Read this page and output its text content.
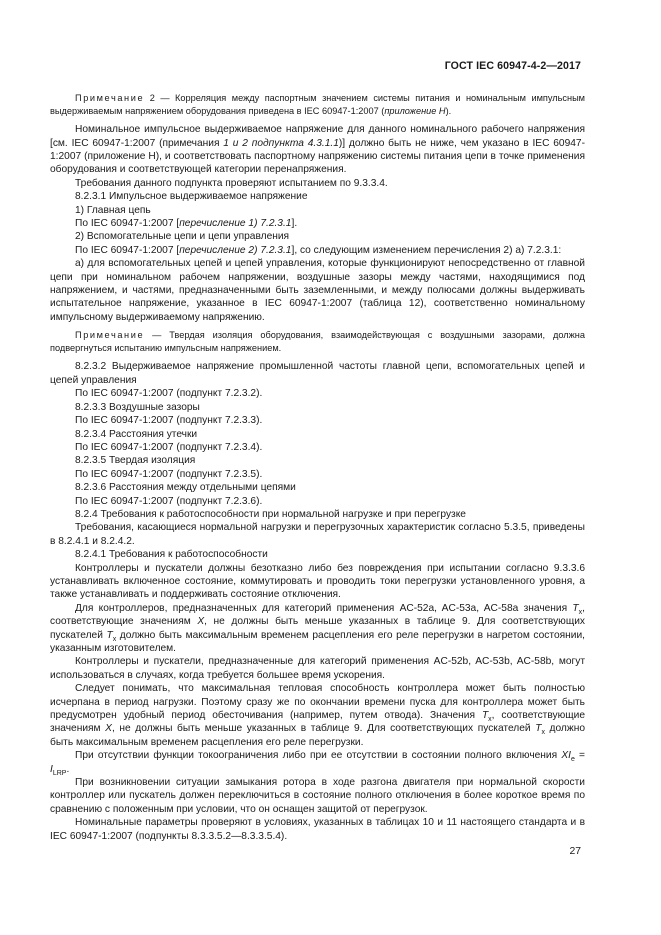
ГОСТ IEC 60947-4-2—2017

Примечание 2 — Корреляция между паспортным значением системы питания и номинальным импульсным выдерживаемым напряжением оборудования приведена в IEC 60947-1:2007 (приложение H).

Номинальное импульсное выдерживаемое напряжение для данного номинального рабочего напряжения [см. IEC 60947-1:2007 (примечания 1 и 2 подпункта 4.3.1.1)] должно быть не ниже, чем указано в IEC 60947-1:2007 (приложение H), и соответствовать паспортному напряжению системы питания цепи в точке применения оборудования и соответствующей категории перенапряжения.

Требования данного подпункта проверяют испытанием по 9.3.3.4.

8.2.3.1 Импульсное выдерживаемое напряжение

1) Главная цепь

По IEC 60947-1:2007 [перечисление 1) 7.2.3.1].

2) Вспомогательные цепи и цепи управления

По IEC 60947-1:2007 [перечисление 2) 7.2.3.1], со следующим изменением перечисления 2) а) 7.2.3.1:

а) для вспомогательных цепей и цепей управления, которые функционируют непосредственно от главной цепи при номинальном рабочем напряжении, воздушные зазоры между частями, находящимися под напряжением, и частями, предназначенными быть заземленными, и между полюсами должны выдерживать испытательное напряжение, указанное в IEC 60947-1:2007 (таблица 12), соответственно номинальному импульсному выдерживаемому напряжению.

Примечание — Твердая изоляция оборудования, взаимодействующая с воздушными зазорами, должна подвергнуться испытанию импульсным напряжением.

8.2.3.2 Выдерживаемое напряжение промышленной частоты главной цепи, вспомогательных цепей и цепей управления

По IEC 60947-1:2007 (подпункт 7.2.3.2).

8.2.3.3 Воздушные зазоры

По IEC 60947-1:2007 (подпункт 7.2.3.3).

8.2.3.4 Расстояния утечки

По IEC 60947-1:2007 (подпункт 7.2.3.4).

8.2.3.5 Твердая изоляция

По IEC 60947-1:2007 (подпункт 7.2.3.5).

8.2.3.6 Расстояния между отдельными цепями

По IEC 60947-1:2007 (подпункт 7.2.3.6).

8.2.4 Требования к работоспособности при нормальной нагрузке и при перегрузке

Требования, касающиеся нормальной нагрузки и перегрузочных характеристик согласно 5.3.5, приведены в 8.2.4.1 и 8.2.4.2.

8.2.4.1 Требования к работоспособности

Контроллеры и пускатели должны безотказно либо без повреждения при испытании согласно 9.3.3.6 устанавливать включенное состояние, коммутировать и проводить токи перегрузки установленного уровня, а также устанавливать и поддерживать состояние отключения.

Для контроллеров, предназначенных для категорий применения AC-52a, AC-53a, AC-58a значения $T_x$, соответствующие значениям X, не должны быть меньше указанных в таблице 9. Для соответствующих пускателей $T_x$ должно быть максимальным временем расцепления его реле перегрузки в нагретом состоянии, указанным изготовителем.

Контроллеры и пускатели, предназначенные для категорий применения AC-52b, AC-53b, AC-58b, могут использоваться в случаях, когда требуется большее время ускорения.

Следует понимать, что максимальная тепловая способность контроллера может быть полностью исчерпана в период нагрузки. Поэтому сразу же по окончании времени пуска для контроллера может быть предусмотрен удобный период обесточивания (например, путем отвода). Значения $T_x$, соответствующие значениям X, не должны быть меньше указанных в таблице 9. Для соответствующих пускателей $T_x$ должно быть максимальным временем расцепления его реле перегрузки.

При отсутствии функции токоограничения либо при ее отсутствии в состоянии полного включения $XI_e = I_{LRP}$.

При возникновении ситуации замыкания ротора в ходе разгона двигателя при нормальной скорости контроллер или пускатель должен переключиться в состояние полного отключения в более короткое время по сравнению с положенным при условии, что он оснащен защитой от перегрузок.

Номинальные параметры проверяют в условиях, указанных в таблицах 10 и 11 настоящего стандарта и в IEC 60947-1:2007 (подпункты 8.3.3.5.2—8.3.3.5.4).

27
